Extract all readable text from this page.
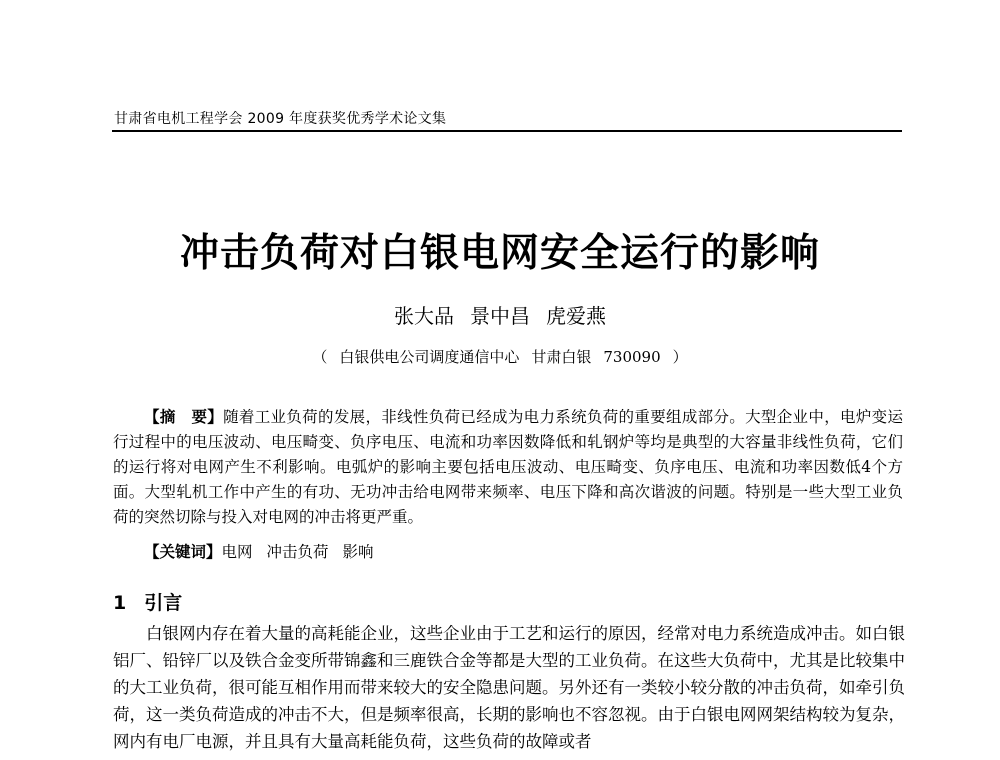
甘肃省电机工程学会 2009 年度获奖优秀学术论文集
冲击负荷对白银电网安全运行的影响
张大品 景中昌 虎爱燕
（ 白银供电公司调度通信中心 甘肃白银 730090 ）
【摘　要】随着工业负荷的发展，非线性负荷已经成为电力系统负荷的重要组成部分。大型企业中，电炉变运行过程中的电压波动、电压畸变、负序电压、电流和功率因数降低和轧钢炉等均是典型的大容量非线性负荷，它们的运行将对电网产生不利影响。电弧炉的影响主要包括电压波动、电压畸变、负序电压、电流和功率因数低4个方面。大型轧机工作中产生的有功、无功冲击给电网带来频率、电压下降和高次谐波的问题。特别是一些大型工业负荷的突然切除与投入对电网的冲击将更严重。
【关键词】电网 冲击负荷 影响
1 引言
白银网内存在着大量的高耗能企业，这些企业由于工艺和运行的原因，经常对电力系统造成冲击。如白银铝厂、铅锌厂以及铁合金变所带锦鑫和三鹿铁合金等都是大型的工业负荷。在这些大负荷中，尤其是比较集中的大工业负荷，很可能互相作用而带来较大的安全隐患问题。另外还有一类较小较分散的冲击负荷，如牵引负荷，这一类负荷造成的冲击不大，但是频率很高，长期的影响也不容忽视。由于白银电网网架结构较为复杂，网内有电厂电源，并且具有大量高耗能负荷，这些负荷的故障或者
